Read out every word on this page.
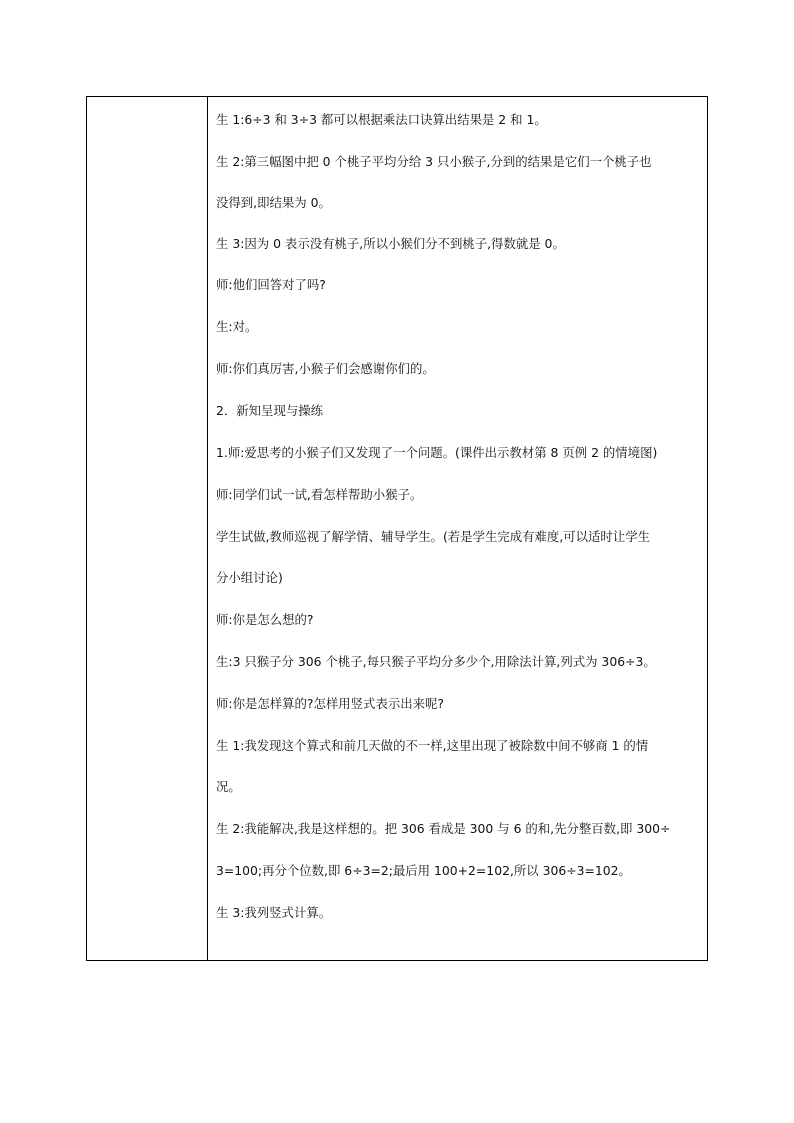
生 1:6÷3 和 3÷3 都可以根据乘法口诀算出结果是 2 和 1。
生 2:第三幅图中把 0 个桃子平均分给 3 只小猴子,分到的结果是它们一个桃子也
没得到,即结果为 0。
生 3:因为 0 表示没有桃子,所以小猴们分不到桃子,得数就是 0。
师:他们回答对了吗?
生:对。
师:你们真厉害,小猴子们会感谢你们的。
2．新知呈现与操练
1.师:爱思考的小猴子们又发现了一个问题。(课件出示教材第 8 页例 2 的情境图)
师:同学们试一试,看怎样帮助小猴子。
学生试做,教师巡视了解学情、辅导学生。(若是学生完成有难度,可以适时让学生
分小组讨论)
师:你是怎么想的?
生:3 只猴子分 306 个桃子,每只猴子平均分多少个,用除法计算,列式为 306÷3。
师:你是怎样算的?怎样用竖式表示出来呢?
生 1:我发现这个算式和前几天做的不一样,这里出现了被除数中间不够商 1 的情
况。
生 2:我能解决,我是这样想的。把 306 看成是 300 与 6 的和,先分整百数,即 300÷
3=100;再分个位数,即 6÷3=2;最后用 100+2=102,所以 306÷3=102。
生 3:我列竖式计算。
